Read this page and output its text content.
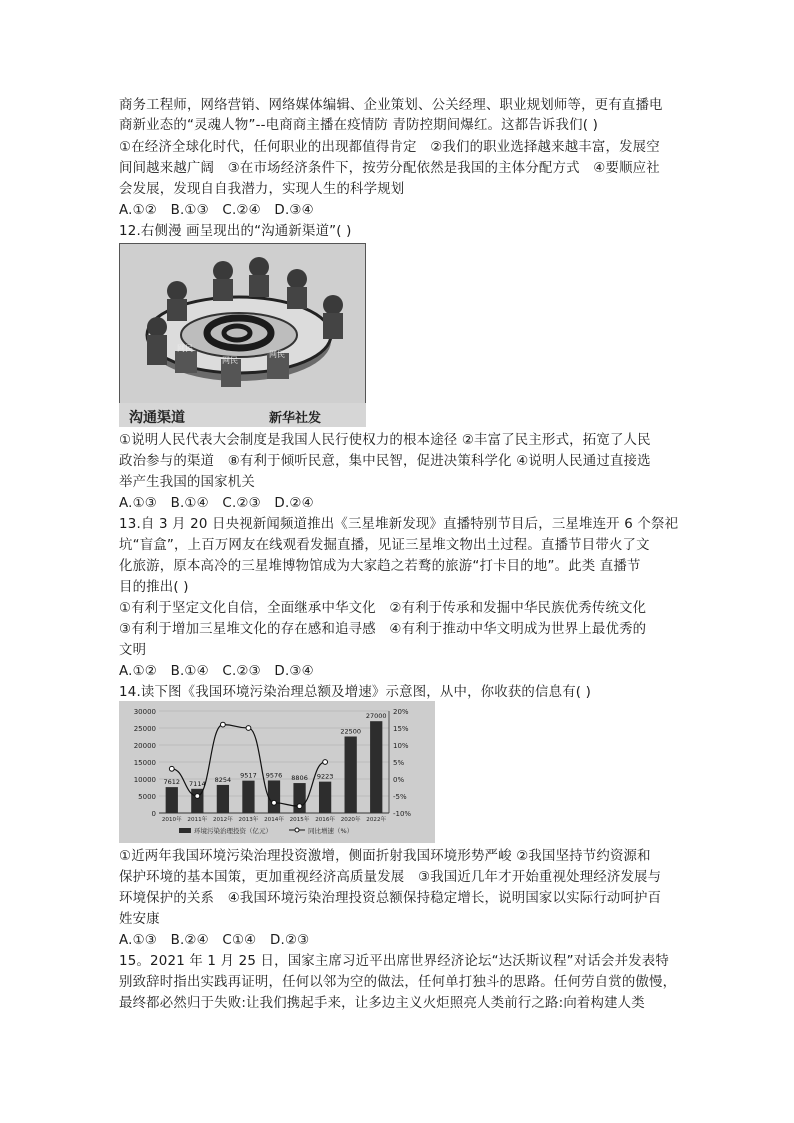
商务工程师，网络营销、网络媒体编辑、企业策划、公关经理、职业规划师等，更有直播电
商新业态的“灵魂人物”--电商商主播在疫情防 青防控期间爆红。这都告诉我们( )
①在经济全球化时代，任何职业的出现都值得肯定　②我们的职业选择越来越丰富，发展空
间间越来越广阔　③在市场经济条件下，按劳分配依然是我国的主体分配方式　④要顺应社
会发展，发现自自我潜力，实现人生的科学规划
A.①②　B.①③　C.②④　D.③④
12.右侧漫 画呈现出的“沟通新渠道”( )
网民
网民
网民
沟通渠道	新华社发
①说明人民代表大会制度是我国人民行使权力的根本途径 ②丰富了民主形式，拓宽了人民
政治参与的渠道　⑧有利于倾听民意，集中民智，促进决策科学化 ④说明人民通过直接选
举产生我国的国家机关
A.①③　B.①④　C.②③　D.②④
13.自 3 月 20 日央视新闻频道推出《三星堆新发现》直播特别节目后，三星堆连开 6 个祭祀
坑“盲盒”，上百万网友在线观看发掘直播，见证三星堆文物出土过程。直播节目带火了文
化旅游，原本高冷的三星堆博物馆成为大家趋之若鹜的旅游“打卡目的地”。此类 直播节
目的推出( )
①有利于坚定文化自信，全面继承中华文化　②有利于传承和发掘中华民族优秀传统文化
③有利于增加三星堆文化的存在感和追寻感　④有利于推动中华文明成为世界上最优秀的
文明
A.①②　B.①④　C.②③　D.③④
14.读下图《我国环境污染治理总额及增速》示意图，从中，你收获的信息有( )
0
5000
10000
15000
20000
25000
30000
-10%
-5%
0%
5%
10%
15%
20%
7612
2010年
7114
2011年
8254
2012年
9517
2013年
9576
2014年
8806
2015年
9223
2016年
22500
2020年
27000
2022年
环境污染治理投资（亿元）	同比增速（%）
①近两年我国环境污染治理投资激增，侧面折射我国环境形势严峻 ②我国坚持节约资源和
保护环境的基本国策，更加重视经济高质量发展　③我国近几年才开始重视处理经济发展与
环境保护的关系　④我国环境污染治理投资总额保持稳定增长，说明国家以实际行动呵护百
姓安康
A.①③　B.②④　C①④　D.②③
15。2021 年 1 月 25 日，国家主席习近平出席世界经济论坛“达沃斯议程”对话会并发表特
别致辞时指出实践再证明，任何以邻为空的做法，任何单打独斗的思路。任何劳自赏的傲慢，
最终都必然归于失败:让我们携起手来，让多边主义火炬照亮人类前行之路:向着构建人类
